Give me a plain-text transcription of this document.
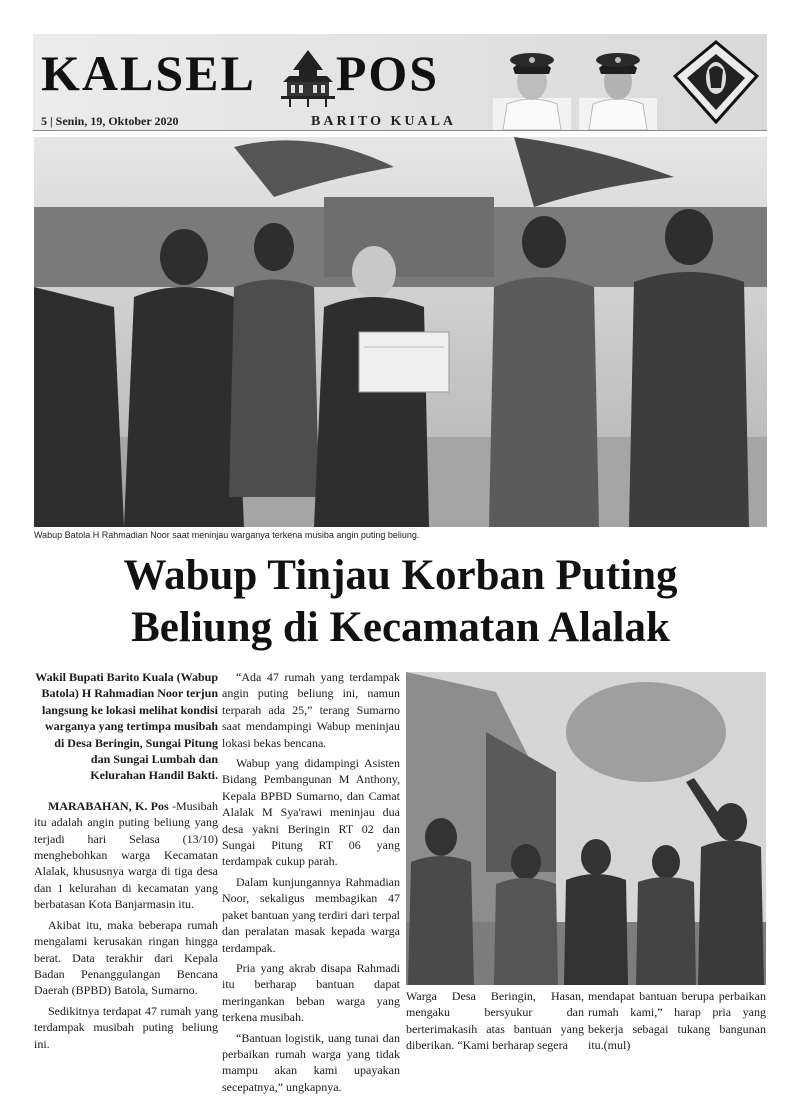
KALSEL POS
5 | Senin, 19, Oktober 2020	BARITO KUALA
Wabup Batola H Rahmadian Noor saat meninjau warganya terkena musiba angin puting beliung.
Wabup Tinjau Korban Puting
Beliung di Kecamatan Alalak

Wakil Bupati Barito Kuala (Wabup Batola) H Rahmadian Noor terjun langsung ke lokasi melihat kondisi warganya yang tertimpa musibah di Desa Beringin, Sungai Pitung dan Sungai Lumbah dan Kelurahan Handil Bakti.

MARABAHAN, K. Pos -Musibah itu adalah angin puting beliung yang terjadi hari Selasa (13/10) menghebohkan warga Kecamatan Alalak, khususnya warga di tiga desa dan 1 kelurahan di kecamatan yang berbatasan Kota Banjarmasin itu.

Akibat itu, maka beberapa rumah mengalami kerusakan ringan hingga berat. Data terakhir dari Kepala Badan Penanggulangan Bencana Daerah (BPBD) Batola, Sumarno.

Sedikitnya terdapat 47 rumah yang terdampak musibah puting beliung ini.

“Ada 47 rumah yang terdampak angin puting beliung ini, namun terparah ada 25,” terang Sumarno saat mendampingi Wabup meninjau lokasi bekas bencana.

Wabup yang didampingi Asisten Bidang Pembangunan M Anthony, Kepala BPBD Sumarno, dan Camat Alalak M Sya'rawi meninjau dua desa yakni Beringin RT 02 dan Sungai Pitung RT 06 yang terdampak cukup parah.

Dalam kunjungannya Rahmadian Noor, sekaligus membagikan 47 paket bantuan yang terdiri dari terpal dan peralatan masak kepada warga terdampak.

Pria yang akrab disapa Rahmadi itu berharap bantuan dapat meringankan beban warga yang terkena musibah.

“Bantuan logistik, uang tunai dan perbaikan rumah warga yang tidak mampu akan kami upayakan secepatnya,” ungkapnya.

Warga Desa Beringin, Hasan, mengaku bersyukur dan berterimakasih atas bantuan yang diberikan. “Kami berharap segera

mendapat bantuan berupa perbaikan rumah kami,” harap pria yang bekerja sebagai tukang bangunan itu.(mul)
